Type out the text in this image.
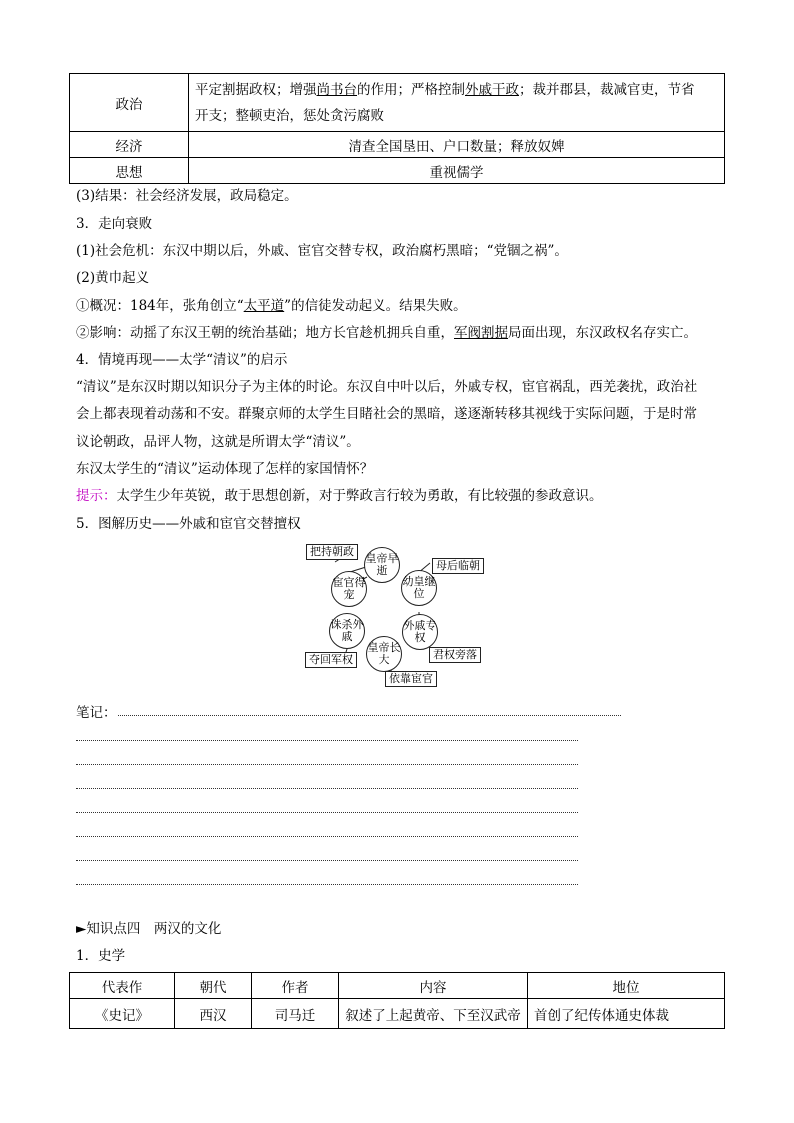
政治	平定割据政权；增强尚书台的作用；严格控制外戚干政；裁并郡县，裁减官吏，节省
开支；整顿吏治，惩处贪污腐败
经济	清查全国垦田、户口数量；释放奴婢
思想	重视儒学
(3)结果：社会经济发展，政局稳定。
3．走向衰败
(1)社会危机：东汉中期以后，外戚、宦官交替专权，政治腐朽黑暗；“党锢之祸”。
(2)黄巾起义
①概况：184年，张角创立“太平道”的信徒发动起义。结果失败。
②影响：动摇了东汉王朝的统治基础；地方长官趁机拥兵自重，军阀割据局面出现，东汉政权名存实亡。
4．情境再现——太学“清议”的启示
“清议”是东汉时期以知识分子为主体的时论。东汉自中叶以后，外戚专权，宦官祸乱，西羌袭扰，政治社
会上都表现着动荡和不安。群聚京师的太学生目睹社会的黑暗，遂逐渐转移其视线于实际问题，于是时常
议论朝政，品评人物，这就是所谓太学“清议”。
东汉太学生的“清议”运动体现了怎样的家国情怀？
提示：太学生少年英锐，敢于思想创新，对于弊政言行较为勇敢，有比较强的参政意识。
5．图解历史——外戚和宦官交替擅权
皇帝早逝
幼皇继位
外戚专权
皇帝长大
诛杀外戚
宦官得宠
把持朝政
母后临朝
君权旁落
依靠宦官
夺回军权
笔记：
►知识点四　两汉的文化
1．史学
代表作	朝代	作者	内容	地位
《史记》	西汉	司马迁	叙述了上起黄帝、下至汉武帝	首创了纪传体通史体裁
